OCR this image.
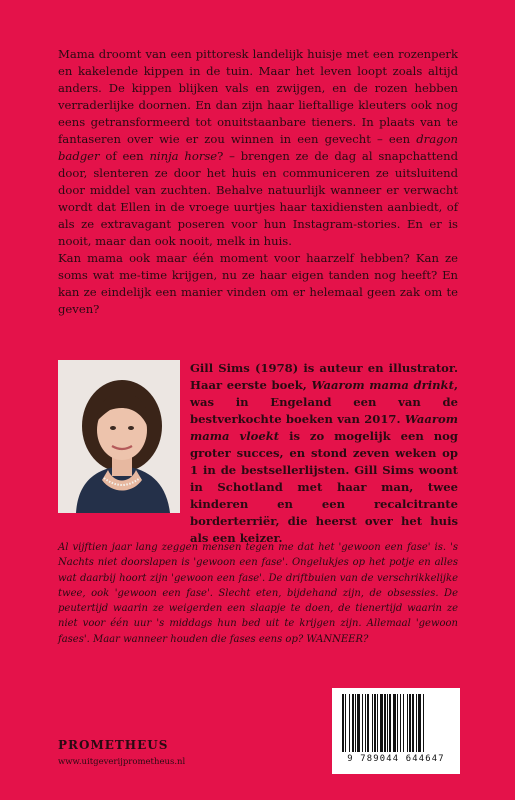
Mama droomt van een pittoresk landelijk huisje met een rozenperk en kakelende kippen in de tuin. Maar het leven loopt zoals altijd anders. De kippen blijken vals en zwijgen, en de rozen hebben verraderlijke doornen. En dan zijn haar lieftallige kleuters ook nog eens getransformeerd tot onuitstaanbare tieners. In plaats van te fantaseren over wie er zou winnen in een gevecht – een dragon badger of een ninja horse? – brengen ze de dag al snapchattend door, slenteren ze door het huis en communiceren ze uitsluitend door middel van zuchten. Behalve natuurlijk wanneer er verwacht wordt dat Ellen in de vroege uurtjes haar taxidiensten aanbiedt, of als ze extravagant poseren voor hun Instagram-stories. En er is nooit, maar dan ook nooit, melk in huis.

Kan mama ook maar één moment voor haarzelf hebben? Kan ze soms wat me-time krijgen, nu ze haar eigen tanden nog heeft? En kan ze eindelijk een manier vinden om er helemaal geen zak om te geven?

Gill Sims (1978) is auteur en illustrator. Haar eerste boek, Waarom mama drinkt, was in Engeland een van de bestverkochte boeken van 2017. Waarom mama vloekt is zo mogelijk een nog groter succes, en stond zeven weken op 1 in de bestsellerlijsten. Gill Sims woont in Schotland met haar man, twee kinderen en een recalcitrante borderterriër, die heerst over het huis als een keizer.

Al vijftien jaar lang zeggen mensen tegen me dat het 'gewoon een fase' is. 's Nachts niet doorslapen is 'gewoon een fase'. Ongelukjes op het potje en alles wat daarbij hoort zijn 'gewoon een fase'. De driftbuien van de verschrikkelijke twee, ook 'gewoon een fase'. Slecht eten, bijdehand zijn, de obsessies. De peutertijd waarin ze weigerden een slaapje te doen, de tienertijd waarin ze niet voor één uur 's middags hun bed uit te krijgen zijn. Allemaal 'gewoon fases'. Maar wanneer houden die fases eens op? WANNEER?

PROMETHEUS
www.uitgeverijprometheus.nl	9 789044 644647
